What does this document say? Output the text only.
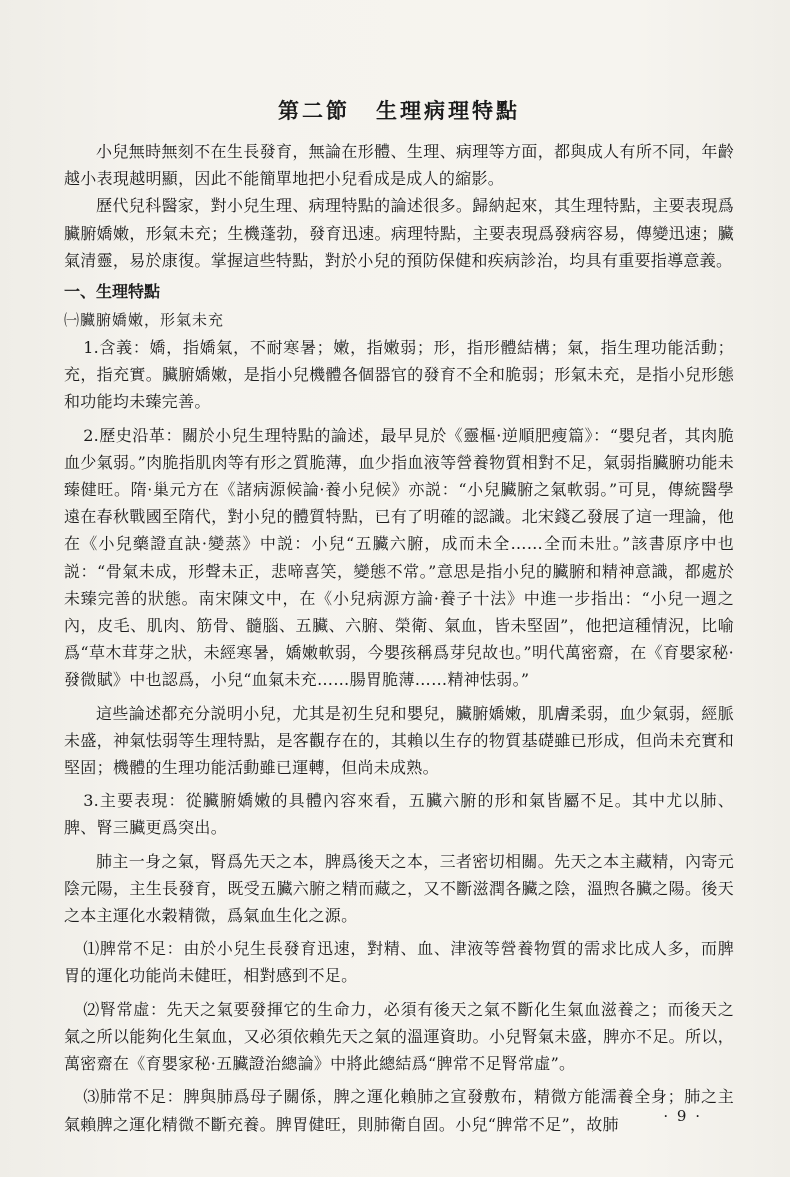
第二節 生理病理特點

小兒無時無刻不在生長發育，無論在形體、生理、病理等方面，都與成人有所不同，年齡越小表現越明顯，因此不能簡單地把小兒看成是成人的縮影。

歷代兒科醫家，對小兒生理、病理特點的論述很多。歸納起來，其生理特點，主要表現爲臟腑嬌嫩，形氣未充；生機蓬勃，發育迅速。病理特點，主要表現爲發病容易，傳變迅速；臟氣清靈，易於康復。掌握這些特點，對於小兒的預防保健和疾病診治，均具有重要指導意義。

一、生理特點
㈠臟腑嬌嫩，形氣未充

1.含義：嬌，指嬌氣，不耐寒暑；嫩，指嫩弱；形，指形體結構；氣，指生理功能活動；充，指充實。臟腑嬌嫩，是指小兒機體各個器官的發育不全和脆弱；形氣未充，是指小兒形態和功能均未臻完善。

2.歷史沿革：關於小兒生理特點的論述，最早見於《靈樞·逆順肥瘦篇》：“嬰兒者，其肉脆血少氣弱。”肉脆指肌肉等有形之質脆薄，血少指血液等營養物質相對不足，氣弱指臟腑功能未臻健旺。隋·巢元方在《諸病源候論·養小兒候》亦説：“小兒臟腑之氣軟弱。”可見，傳統醫學遠在春秋戰國至隋代，對小兒的體質特點，已有了明確的認識。北宋錢乙發展了這一理論，他在《小兒藥證直訣·變蒸》中説：小兒“五臟六腑，成而未全……全而未壯。”該書原序中也説：“骨氣未成，形聲未正，悲啼喜笑，變態不常。”意思是指小兒的臟腑和精神意識，都處於未臻完善的狀態。南宋陳文中，在《小兒病源方論·養子十法》中進一步指出：“小兒一週之內，皮毛、肌肉、筋骨、髓腦、五臟、六腑、榮衛、氣血，皆未堅固”，他把這種情況，比喻爲“草木茸芽之狀，未經寒暑，嬌嫩軟弱，今嬰孩稱爲芽兒故也。”明代萬密齋，在《育嬰家秘·發微賦》中也認爲，小兒“血氣未充……腸胃脆薄……精神怯弱。”

這些論述都充分説明小兒，尤其是初生兒和嬰兒，臟腑嬌嫩，肌膚柔弱，血少氣弱，經脈未盛，神氣怯弱等生理特點，是客觀存在的，其賴以生存的物質基礎雖已形成，但尚未充實和堅固；機體的生理功能活動雖已運轉，但尚未成熟。

3.主要表現：從臟腑嬌嫩的具體內容來看，五臟六腑的形和氣皆屬不足。其中尤以肺、脾、腎三臟更爲突出。

肺主一身之氣，腎爲先天之本，脾爲後天之本，三者密切相關。先天之本主藏精，內寄元陰元陽，主生長發育，既受五臟六腑之精而藏之，又不斷滋潤各臟之陰，溫煦各臟之陽。後天之本主運化水穀精微，爲氣血生化之源。

⑴脾常不足：由於小兒生長發育迅速，對精、血、津液等營養物質的需求比成人多，而脾胃的運化功能尚未健旺，相對感到不足。

⑵腎常虛：先天之氣要發揮它的生命力，必須有後天之氣不斷化生氣血滋養之；而後天之氣之所以能夠化生氣血，又必須依賴先天之氣的溫運資助。小兒腎氣未盛，脾亦不足。所以，萬密齋在《育嬰家秘·五臟證治總論》中將此總結爲“脾常不足腎常虛”。

⑶肺常不足：脾與肺爲母子關係，脾之運化賴肺之宣發敷布，精微方能濡養全身；肺之主氣賴脾之運化精微不斷充養。脾胃健旺，則肺衛自固。小兒“脾常不足”，故肺	· 9 ·
